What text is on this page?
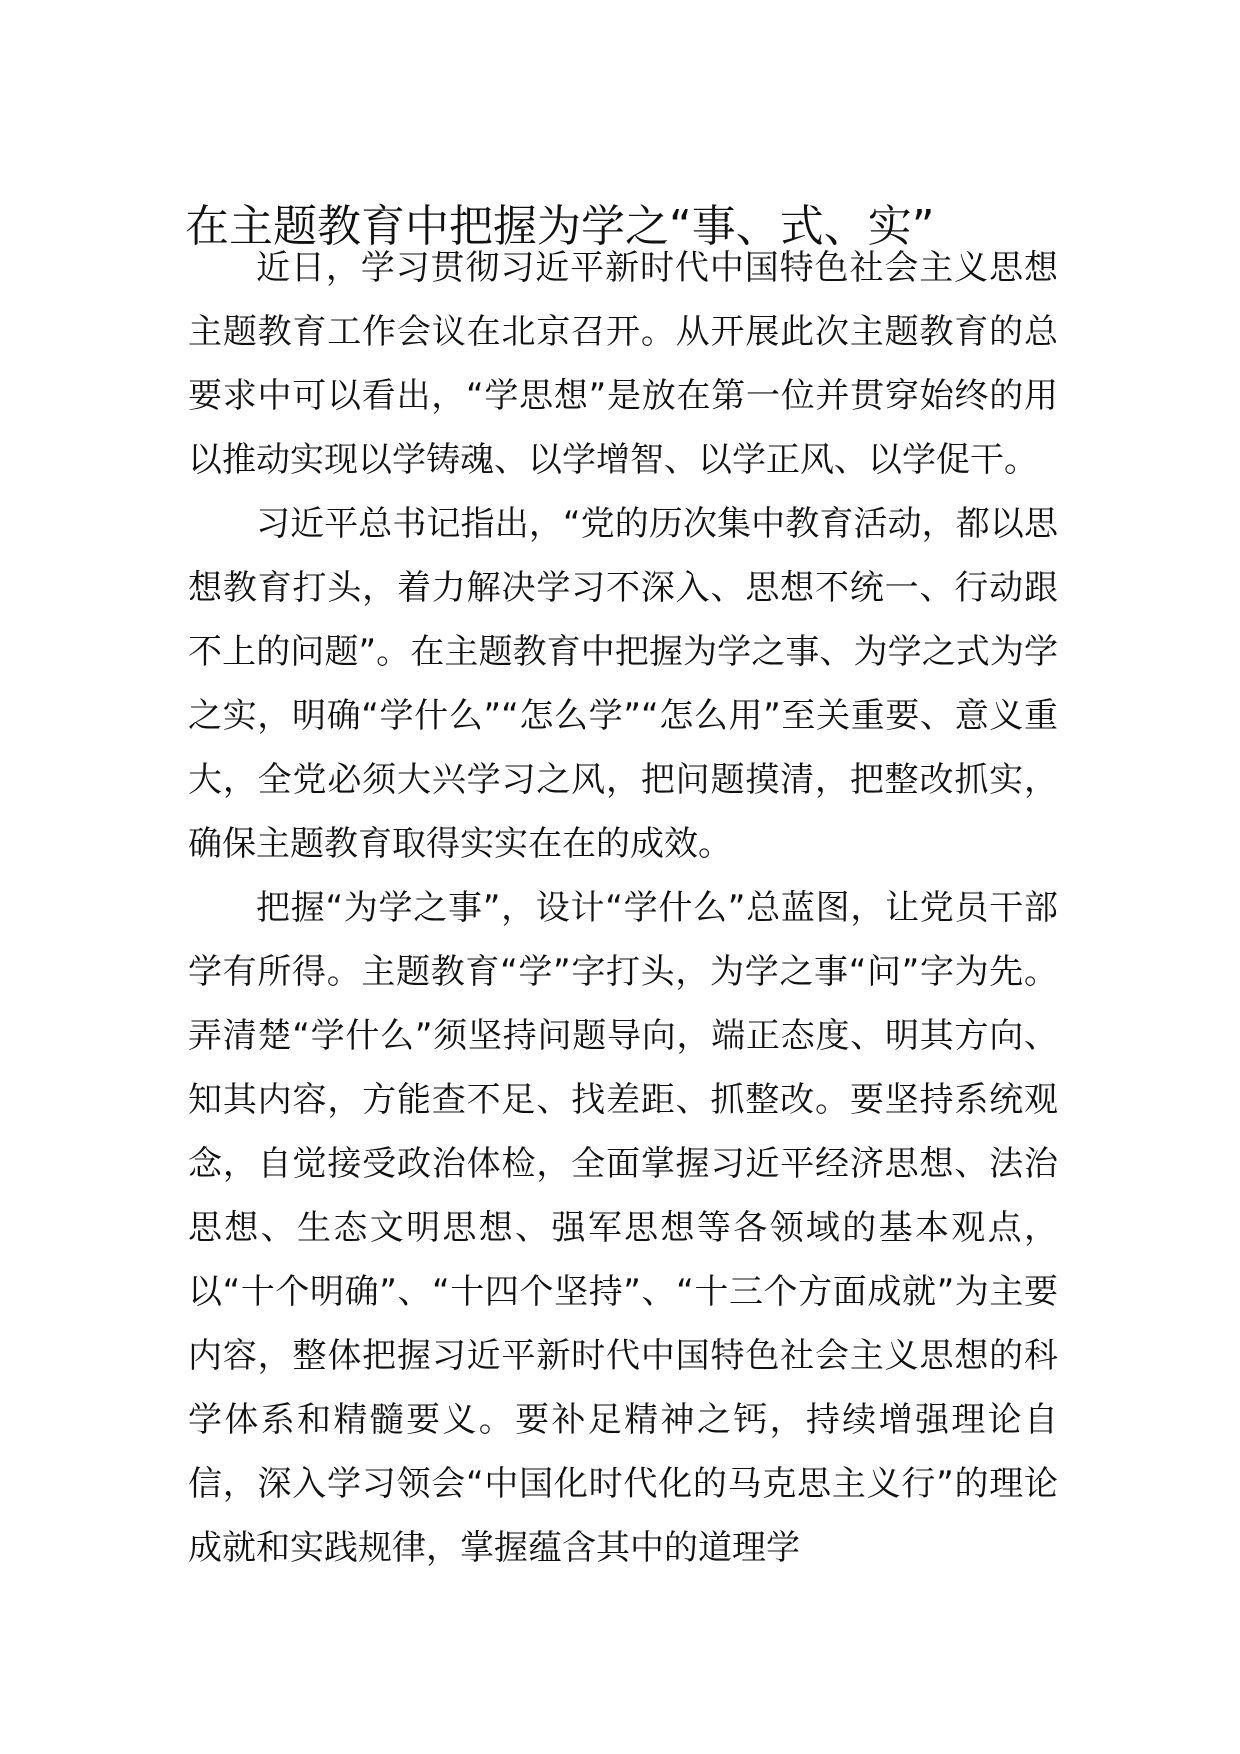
在主题教育中把握为学之“事、式、实”

近日，学习贯彻习近平新时代中国特色社会主义思想主题教育工作会议在北京召开。从开展此次主题教育的总要求中可以看出，“学思想”是放在第一位并贯穿始终的用以推动实现以学铸魂、以学增智、以学正风、以学促干。

习近平总书记指出，“党的历次集中教育活动，都以思想教育打头，着力解决学习不深入、思想不统一、行动跟不上的问题”。在主题教育中把握为学之事、为学之式为学之实，明确“学什么”“怎么学”“怎么用”至关重要、意义重大，全党必须大兴学习之风，把问题摸清，把整改抓实，确保主题教育取得实实在在的成效。

把握“为学之事”，设计“学什么”总蓝图，让党员干部学有所得。主题教育“学”字打头，为学之事“问”字为先。弄清楚“学什么”须坚持问题导向，端正态度、明其方向、知其内容，方能查不足、找差距、抓整改。要坚持系统观念，自觉接受政治体检，全面掌握习近平经济思想、法治思想、生态文明思想、强军思想等各领域的基本观点，以“十个明确”、“十四个坚持”、“十三个方面成就”为主要内容，整体把握习近平新时代中国特色社会主义思想的科学体系和精髓要义。要补足精神之钙，持续增强理论自信，深入学习领会“中国化时代化的马克思主义行”的理论成就和实践规律，掌握蕴含其中的道理学
